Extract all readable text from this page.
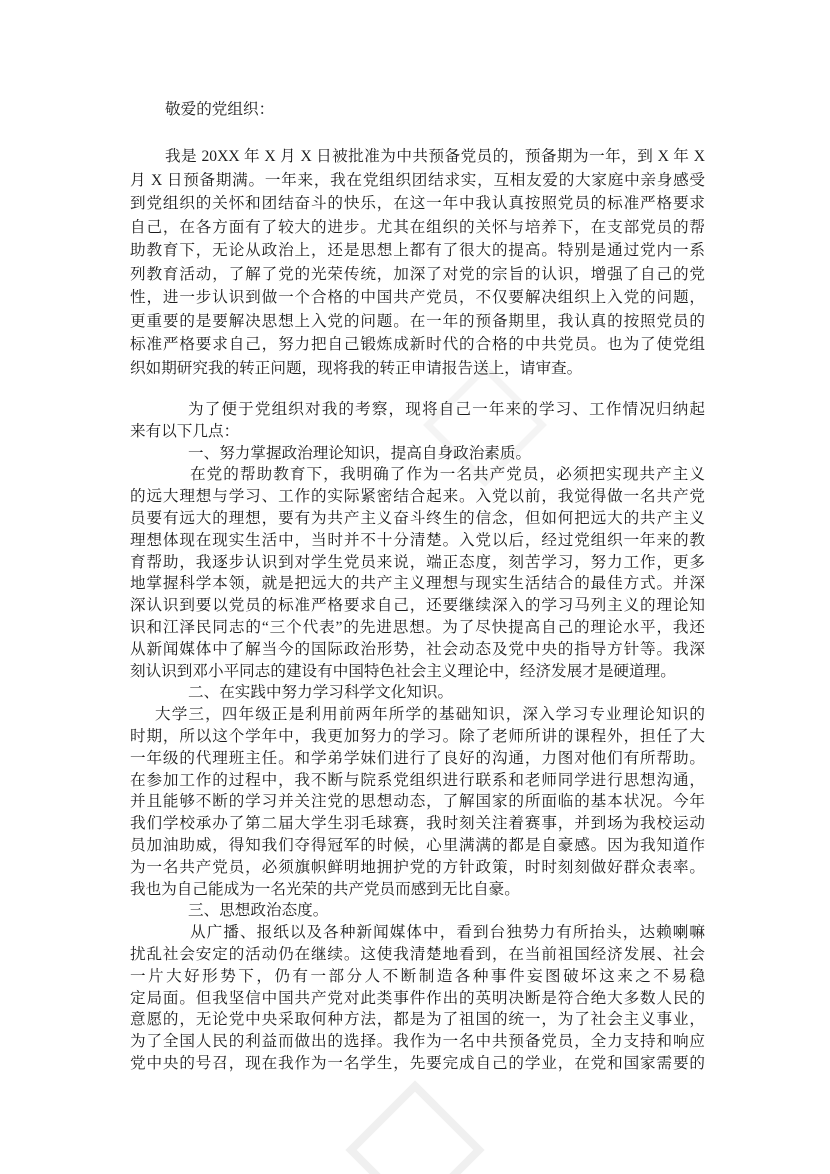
敬爱的党组织：
我是 20XX 年 X 月 X 日被批准为中共预备党员的，预备期为一年，到 X 年 X
月 X 日预备期满。一年来，我在党组织团结求实，互相友爱的大家庭中亲身感受
到党组织的关怀和团结奋斗的快乐，在这一年中我认真按照党员的标准严格要求
自己，在各方面有了较大的进步。尤其在组织的关怀与培养下，在支部党员的帮
助教育下，无论从政治上，还是思想上都有了很大的提高。特别是通过党内一系
列教育活动，了解了党的光荣传统，加深了对党的宗旨的认识，增强了自己的党
性，进一步认识到做一个合格的中国共产党员，不仅要解决组织上入党的问题，
更重要的是要解决思想上入党的问题。在一年的预备期里，我认真的按照党员的
标准严格要求自己，努力把自己锻炼成新时代的合格的中共党员。也为了使党组
织如期研究我的转正问题，现将我的转正申请报告送上，请审查。
为了便于党组织对我的考察，现将自己一年来的学习、工作情况归纳起
来有以下几点：
一、努力掌握政治理论知识，提高自身政治素质。
在党的帮助教育下，我明确了作为一名共产党员，必须把实现共产主义
的远大理想与学习、工作的实际紧密结合起来。入党以前，我觉得做一名共产党
员要有远大的理想，要有为共产主义奋斗终生的信念，但如何把远大的共产主义
理想体现在现实生活中，当时并不十分清楚。入党以后，经过党组织一年来的教
育帮助，我逐步认识到对学生党员来说，端正态度，刻苦学习，努力工作，更多
地掌握科学本领，就是把远大的共产主义理想与现实生活结合的最佳方式。并深
深认识到要以党员的标准严格要求自己，还要继续深入的学习马列主义的理论知
识和江泽民同志的“三个代表”的先进思想。为了尽快提高自己的理论水平，我还
从新闻媒体中了解当今的国际政治形势，社会动态及党中央的指导方针等。我深
刻认识到邓小平同志的建设有中国特色社会主义理论中，经济发展才是硬道理。
二、在实践中努力学习科学文化知识。
大学三，四年级正是利用前两年所学的基础知识，深入学习专业理论知识的
时期，所以这个学年中，我更加努力的学习。除了老师所讲的课程外，担任了大
一年级的代理班主任。和学弟学妹们进行了良好的沟通，力图对他们有所帮助。
在参加工作的过程中，我不断与院系党组织进行联系和老师同学进行思想沟通，
并且能够不断的学习并关注党的思想动态，了解国家的所面临的基本状况。今年
我们学校承办了第二届大学生羽毛球赛，我时刻关注着赛事，并到场为我校运动
员加油助威，得知我们夺得冠军的时候，心里满满的都是自豪感。因为我知道作
为一名共产党员，必须旗帜鲜明地拥护党的方针政策，时时刻刻做好群众表率。
我也为自己能成为一名光荣的共产党员而感到无比自豪。
三、思想政治态度。
从广播、报纸以及各种新闻媒体中，看到台独势力有所抬头，达赖喇嘛
扰乱社会安定的活动仍在继续。这使我清楚地看到，在当前祖国经济发展、社会
一片大好形势下，仍有一部分人不断制造各种事件妄图破坏这来之不易稳
定局面。但我坚信中国共产党对此类事件作出的英明决断是符合绝大多数人民的
意愿的，无论党中央采取何种方法，都是为了祖国的统一，为了社会主义事业，
为了全国人民的利益而做出的选择。我作为一名中共预备党员，全力支持和响应
党中央的号召，现在我作为一名学生，先要完成自己的学业，在党和国家需要的
